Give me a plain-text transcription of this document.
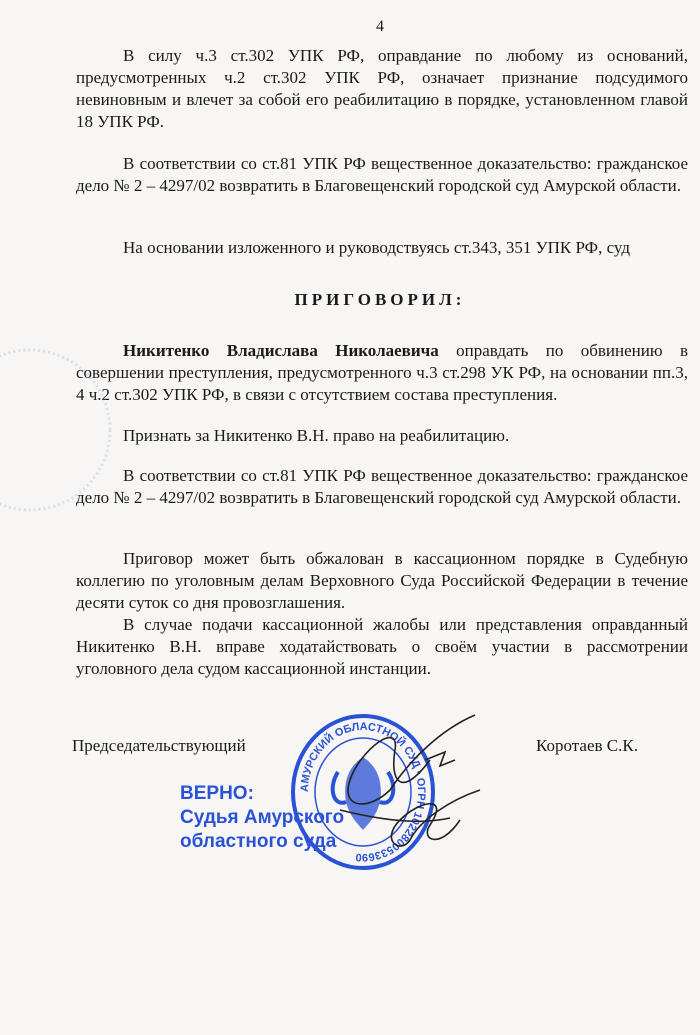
4
В силу ч.3 ст.302 УПК РФ, оправдание по любому из оснований, предусмотренных ч.2 ст.302 УПК РФ, означает признание подсудимого невиновным и влечет за собой его реабилитацию в порядке, установленном главой 18 УПК РФ.
В соответствии со ст.81 УПК РФ вещественное доказательство: гражданское дело № 2 – 4297/02 возвратить в Благовещенский городской суд Амурской области.
На основании изложенного и руководствуясь ст.343, 351 УПК РФ, суд
ПРИГОВОРИЛ:
Никитенко Владислава Николаевича оправдать по обвинению в совершении преступления, предусмотренного ч.3 ст.298 УК РФ, на основании пп.3, 4 ч.2 ст.302 УПК РФ, в связи с отсутствием состава преступления.
Признать за Никитенко В.Н. право на реабилитацию.
В соответствии со ст.81 УПК РФ вещественное доказательство: гражданское дело № 2 – 4297/02 возвратить в Благовещенский городской суд Амурской области.
Приговор может быть обжалован в кассационном порядке в Судебную коллегию по уголовным делам Верховного Суда Российской Федерации в течение десяти суток со дня провозглашения.
В случае подачи кассационной жалобы или представления оправданный Никитенко В.Н. вправе ходатайствовать о своём участии в рассмотрении уголовного дела судом кассационной инстанции.
Председательствующий	Коротаев С.К.
АМУРСКИЙ ОБЛАСТНОЙ СУД • ОГРН 1022800533690
ВЕРНО:
Судья Амурского
областного суда
